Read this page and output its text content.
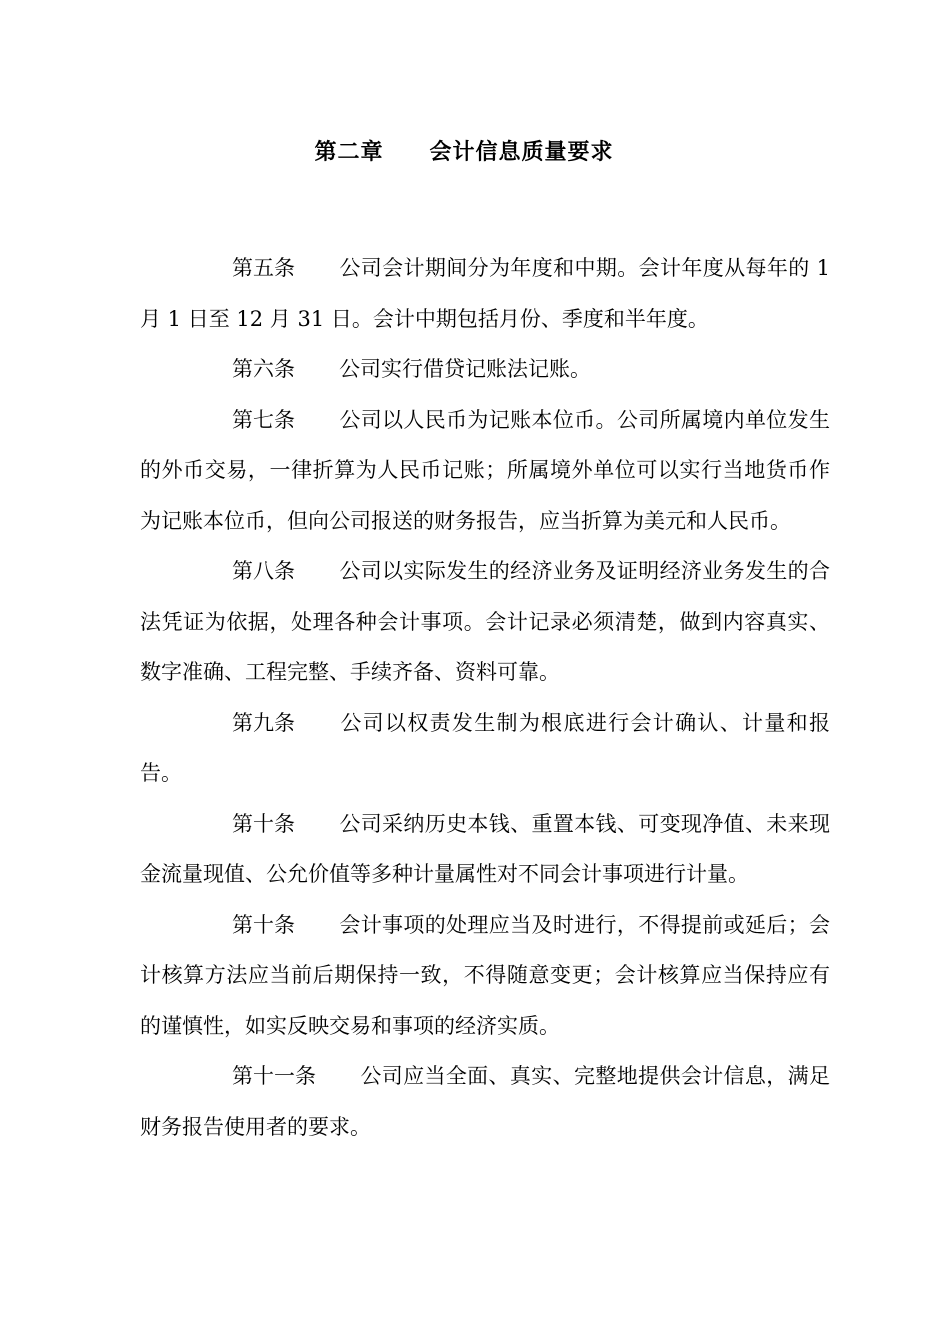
第二章　　会计信息质量要求

第五条 公司会计期间分为年度和中期。会计年度从每年的 1 月 1 日至 12 月 31 日。会计中期包括月份、季度和半年度。

第六条 公司实行借贷记账法记账。

第七条 公司以人民币为记账本位币。公司所属境内单位发生的外币交易，一律折算为人民币记账；所属境外单位可以实行当地货币作为记账本位币，但向公司报送的财务报告，应当折算为美元和人民币。

第八条 公司以实际发生的经济业务及证明经济业务发生的合法凭证为依据，处理各种会计事项。会计记录必须清楚，做到内容真实、数字准确、工程完整、手续齐备、资料可靠。

第九条 公司以权责发生制为根底进行会计确认、计量和报告。

第十条 公司采纳历史本钱、重置本钱、可变现净值、未来现金流量现值、公允价值等多种计量属性对不同会计事项进行计量。

第十条 会计事项的处理应当及时进行，不得提前或延后；会计核算方法应当前后期保持一致，不得随意变更；会计核算应当保持应有的谨慎性，如实反映交易和事项的经济实质。

第十一条 公司应当全面、真实、完整地提供会计信息，满足财务报告使用者的要求。
